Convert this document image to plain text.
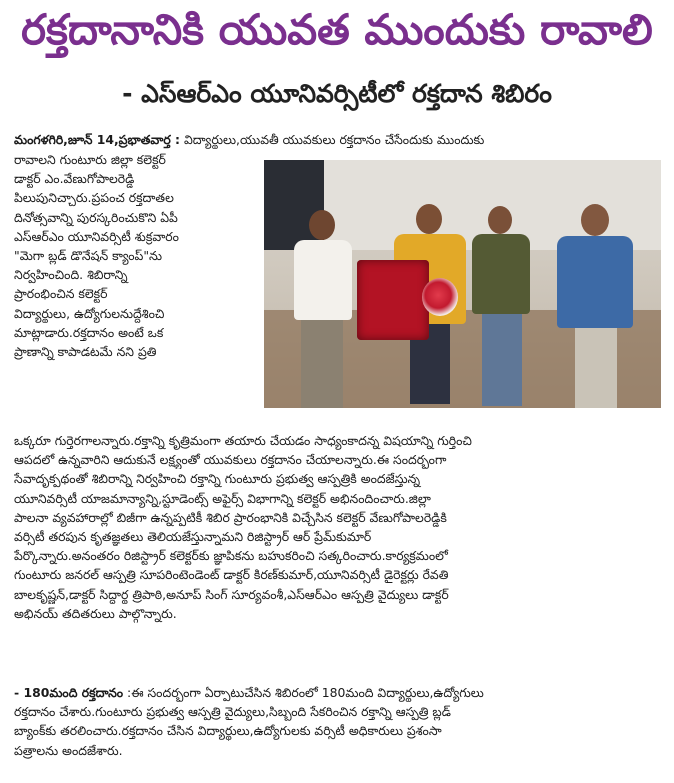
రక్తదానానికి యువత ముందుకు రావాలి
- ఎస్ఆర్ఎం యూనివర్సిటీలో రక్తదాన శిబిరం
మంగళగిరి,జూన్ 14,ప్రభాతవార్త : విద్యార్థులు,యువతీ యువకులు రక్తదానం చేసేందుకు ముందుకు
రావాలని గుంటూరు జిల్లా కలెక్టర్
డాక్టర్ ఎం.వేణుగోపాలరెడ్డి
పిలుపునిచ్చారు.ప్రపంచ రక్తదాతల
దినోత్సవాన్ని పురస్కరించుకొని ఏపీ
ఎస్ఆర్ఎం యూనివర్సిటీ శుక్రవారం
"మెగా బ్లడ్ డొనేషన్ క్యాంప్"ను
నిర్వహించింది. శిబిరాన్ని
ప్రారంభించిన కలెక్టర్
విద్యార్థులు, ఉద్యోగులనుద్దేశించి
మాట్లాడారు.రక్తదానం అంటే ఒక
ప్రాణాన్ని కాపాడటమే నని ప్రతి
ఒక్కరూ గుర్తెరగాలన్నారు.రక్తాన్ని కృత్రిమంగా తయారు చేయడం సాధ్యంకాదన్న విషయాన్ని గుర్తించి
ఆపదలో ఉన్నవారిని ఆదుకునే లక్ష్యంతో యువకులు రక్తదానం చేయాలన్నారు.ఈ సందర్భంగా
సేవాదృక్పథంతో శిబిరాన్ని నిర్వహించి రక్తాన్ని గుంటూరు ప్రభుత్వ ఆస్పత్రికి అందజేస్తున్న
యూనివర్సిటీ యాజమాన్యాన్ని,స్టూడెంట్స్ అఫైర్స్ విభాగాన్ని కలెక్టర్ అభినందించారు.జిల్లా
పాలనా వ్యవహారాల్లో బిజీగా ఉన్నప్పటికీ శిబిర ప్రారంభానికి విచ్చేసిన కలెక్టర్ వేణుగోపాలరెడ్డికి
వర్సిటీ తరపున కృతజ్ఞతలు తెలియజేస్తున్నామని రిజిస్ట్రార్ ఆర్ ప్రేమ్‌కుమార్
పేర్కొన్నారు.అనంతరం రిజిస్ట్రార్ కలెక్టర్‌కు జ్ఞాపికను బహుకరించి సత్కరించారు.కార్యక్రమంలో
గుంటూరు జనరల్ ఆస్పత్రి సూపరింటెండెంట్ డాక్టర్ కిరణ్‌కుమార్,యూనివర్సిటీ డైరెక్టర్లు రేవతి
బాలకృష్ణన్,డాక్టర్ సిద్ధార్థ త్రిపాఠి,అనూప్ సింగ్ సూర్యవంశీ,ఎస్ఆర్ఎం ఆస్పత్రి వైద్యులు డాక్టర్
అభినయ్ తదితరులు పాల్గొన్నారు.
- 180మంది రక్తదానం :ఈ సందర్భంగా ఏర్పాటుచేసిన శిబిరంలో 180మంది విద్యార్థులు,ఉద్యోగులు
రక్తదానం చేశారు.గుంటూరు ప్రభుత్వ ఆస్పత్రి వైద్యులు,సిబ్బంది సేకరించిన రక్తాన్ని ఆస్పత్రి బ్లడ్
బ్యాంక్‌కు తరలించారు.రక్తదానం చేసిన విద్యార్థులు,ఉద్యోగులకు వర్సిటీ అధికారులు ప్రశంసా
పత్రాలను అందజేశారు.
